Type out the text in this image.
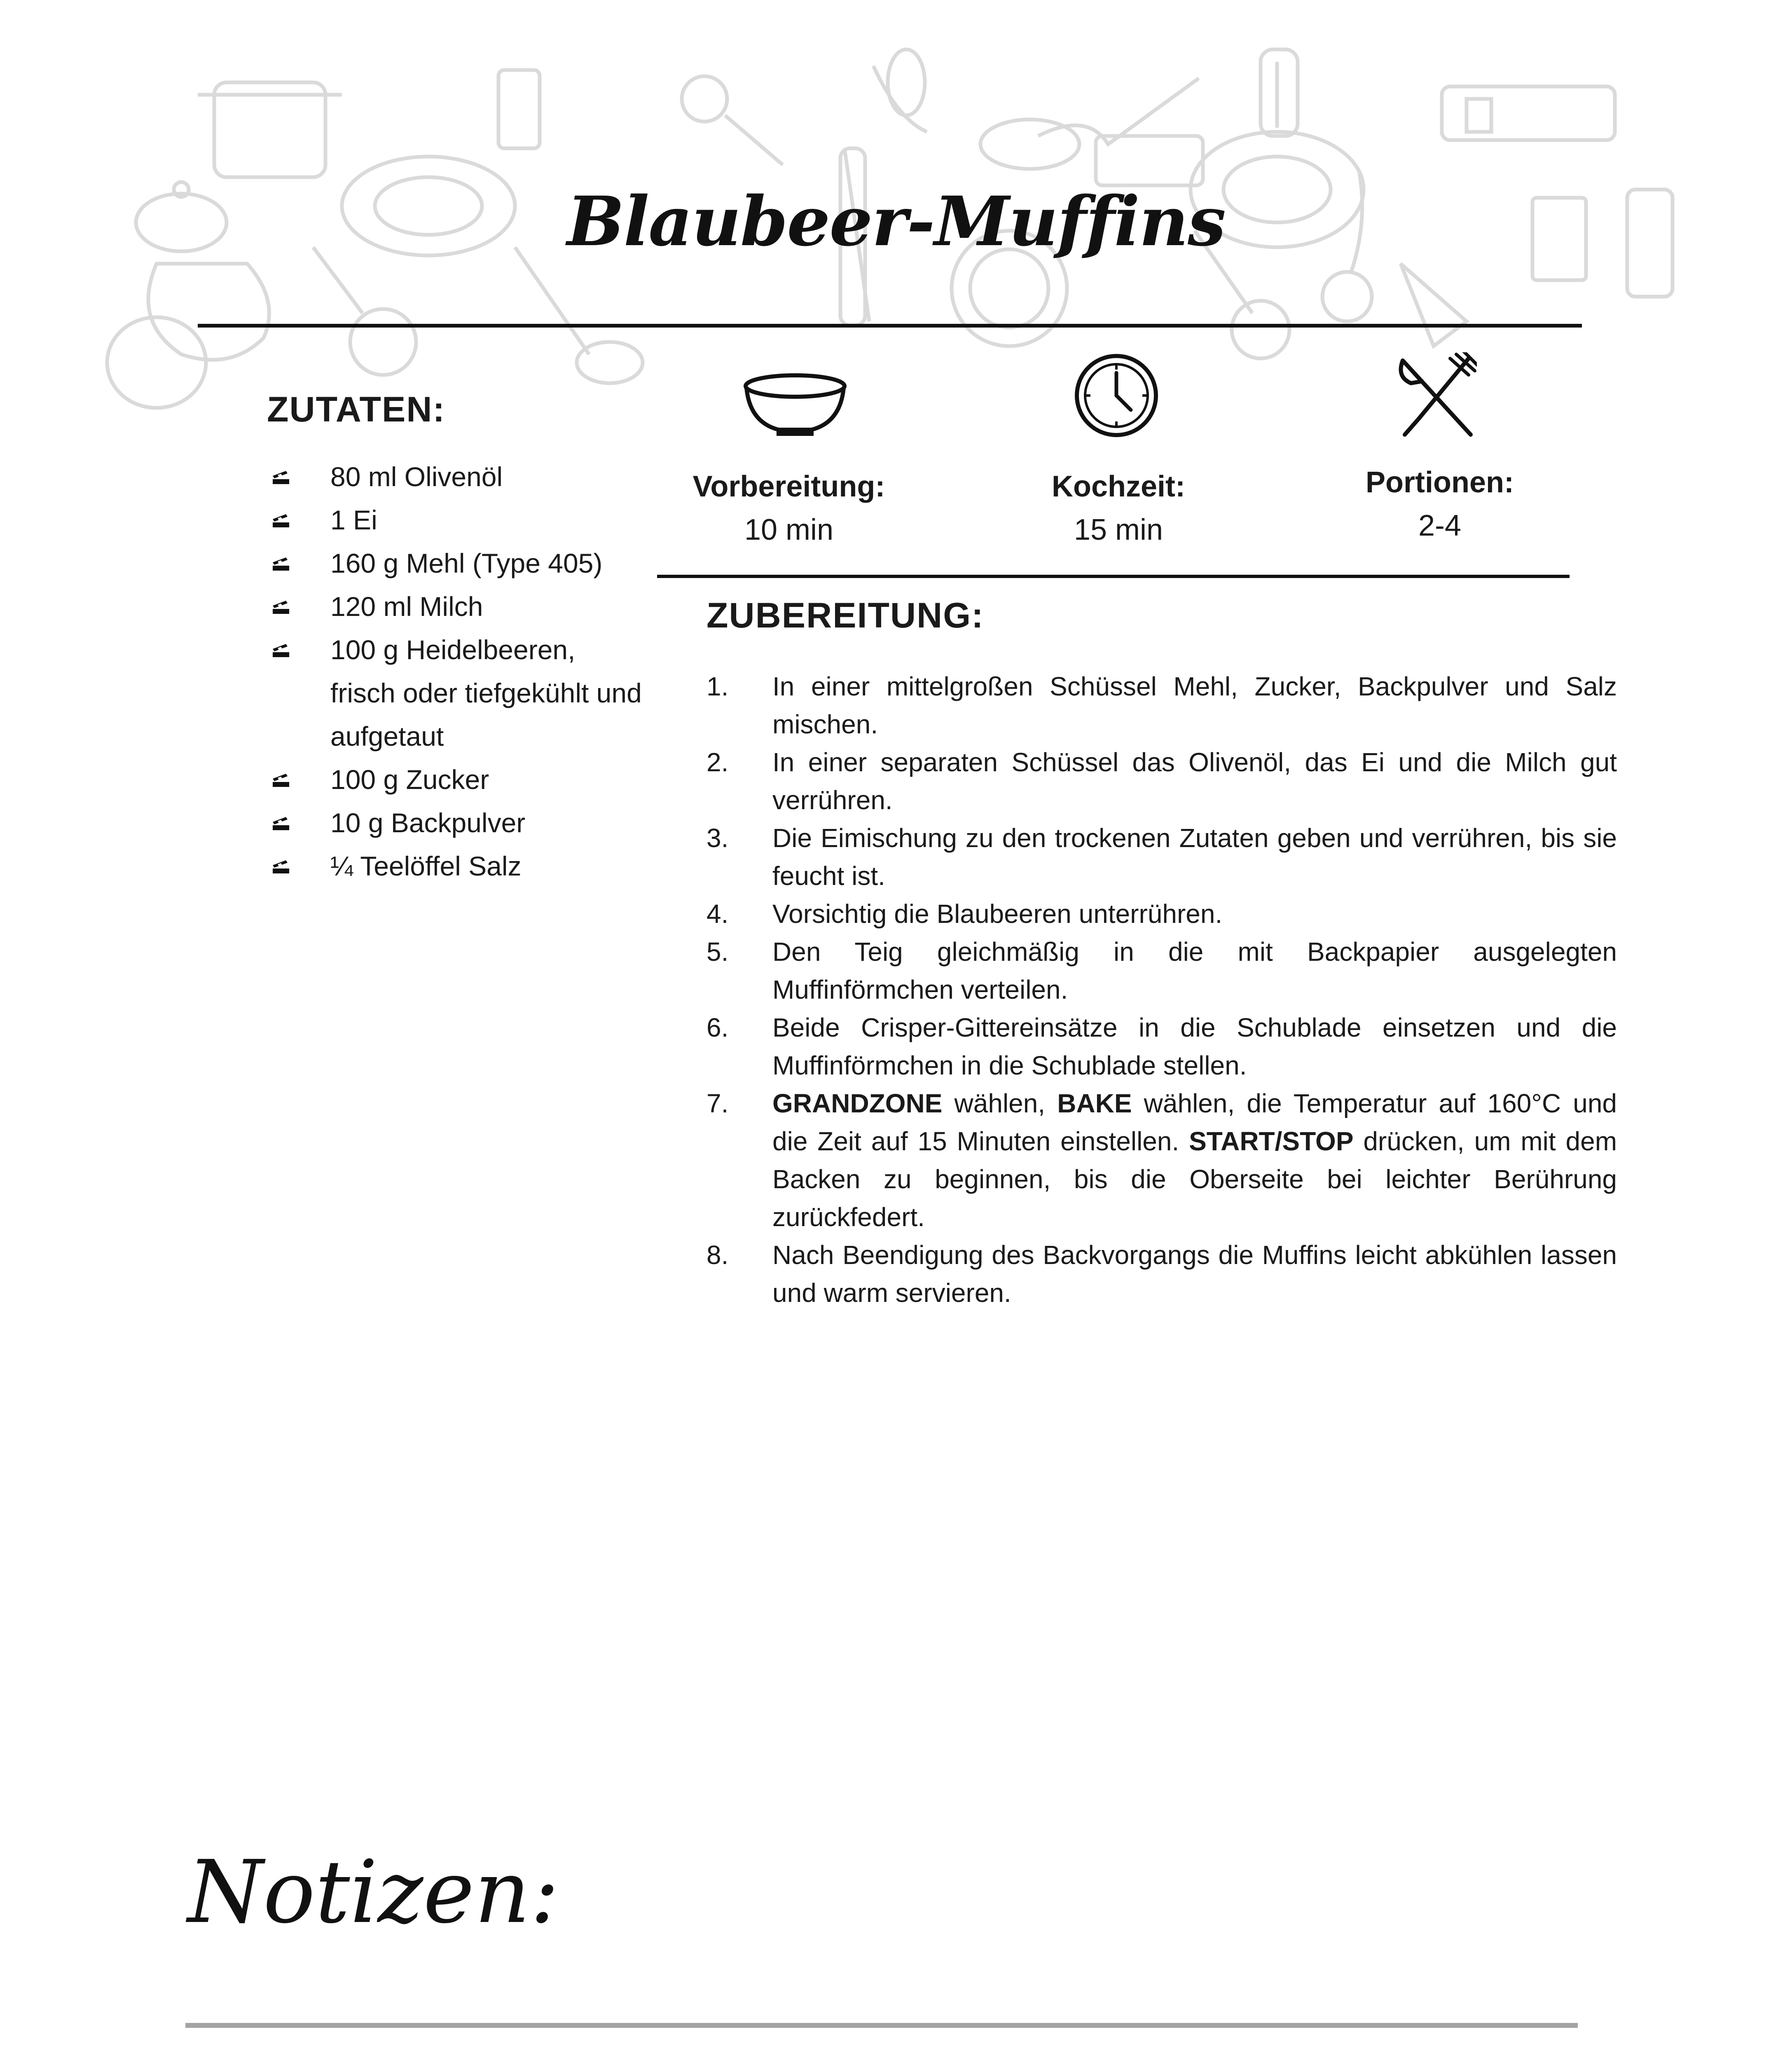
Blaubeer-Muffins
ZUTATEN:
80 ml Olivenöl
1 Ei
160 g Mehl (Type 405)
120 ml Milch
100 g Heidelbeeren, frisch oder tiefgekühlt und aufgetaut
100 g Zucker
10 g Backpulver
¼ Teelöffel Salz
Vorbereitung:
10 min
Kochzeit:
15 min
Portionen:
2-4
ZUBEREITUNG:
1. In einer mittelgroßen Schüssel Mehl, Zucker, Backpulver und Salz mischen.
2. In einer separaten Schüssel das Olivenöl, das Ei und die Milch gut verrühren.
3. Die Eimischung zu den trockenen Zutaten geben und verrühren, bis sie feucht ist.
4. Vorsichtig die Blaubeeren unterrühren.
5. Den Teig gleichmäßig in die mit Backpapier ausgelegten Muffinförmchen verteilen.
6. Beide Crisper-Gittereinsätze in die Schublade einsetzen und die Muffinförmchen in die Schublade stellen.
7. GRANDZONE wählen, BAKE wählen, die Temperatur auf 160°C und die Zeit auf 15 Minuten einstellen. START/STOP drücken, um mit dem Backen zu beginnen, bis die Oberseite bei leichter Berührung zurückfedert.
8. Nach Beendigung des Backvorgangs die Muffins leicht abkühlen lassen und warm servieren.
Notizen:
